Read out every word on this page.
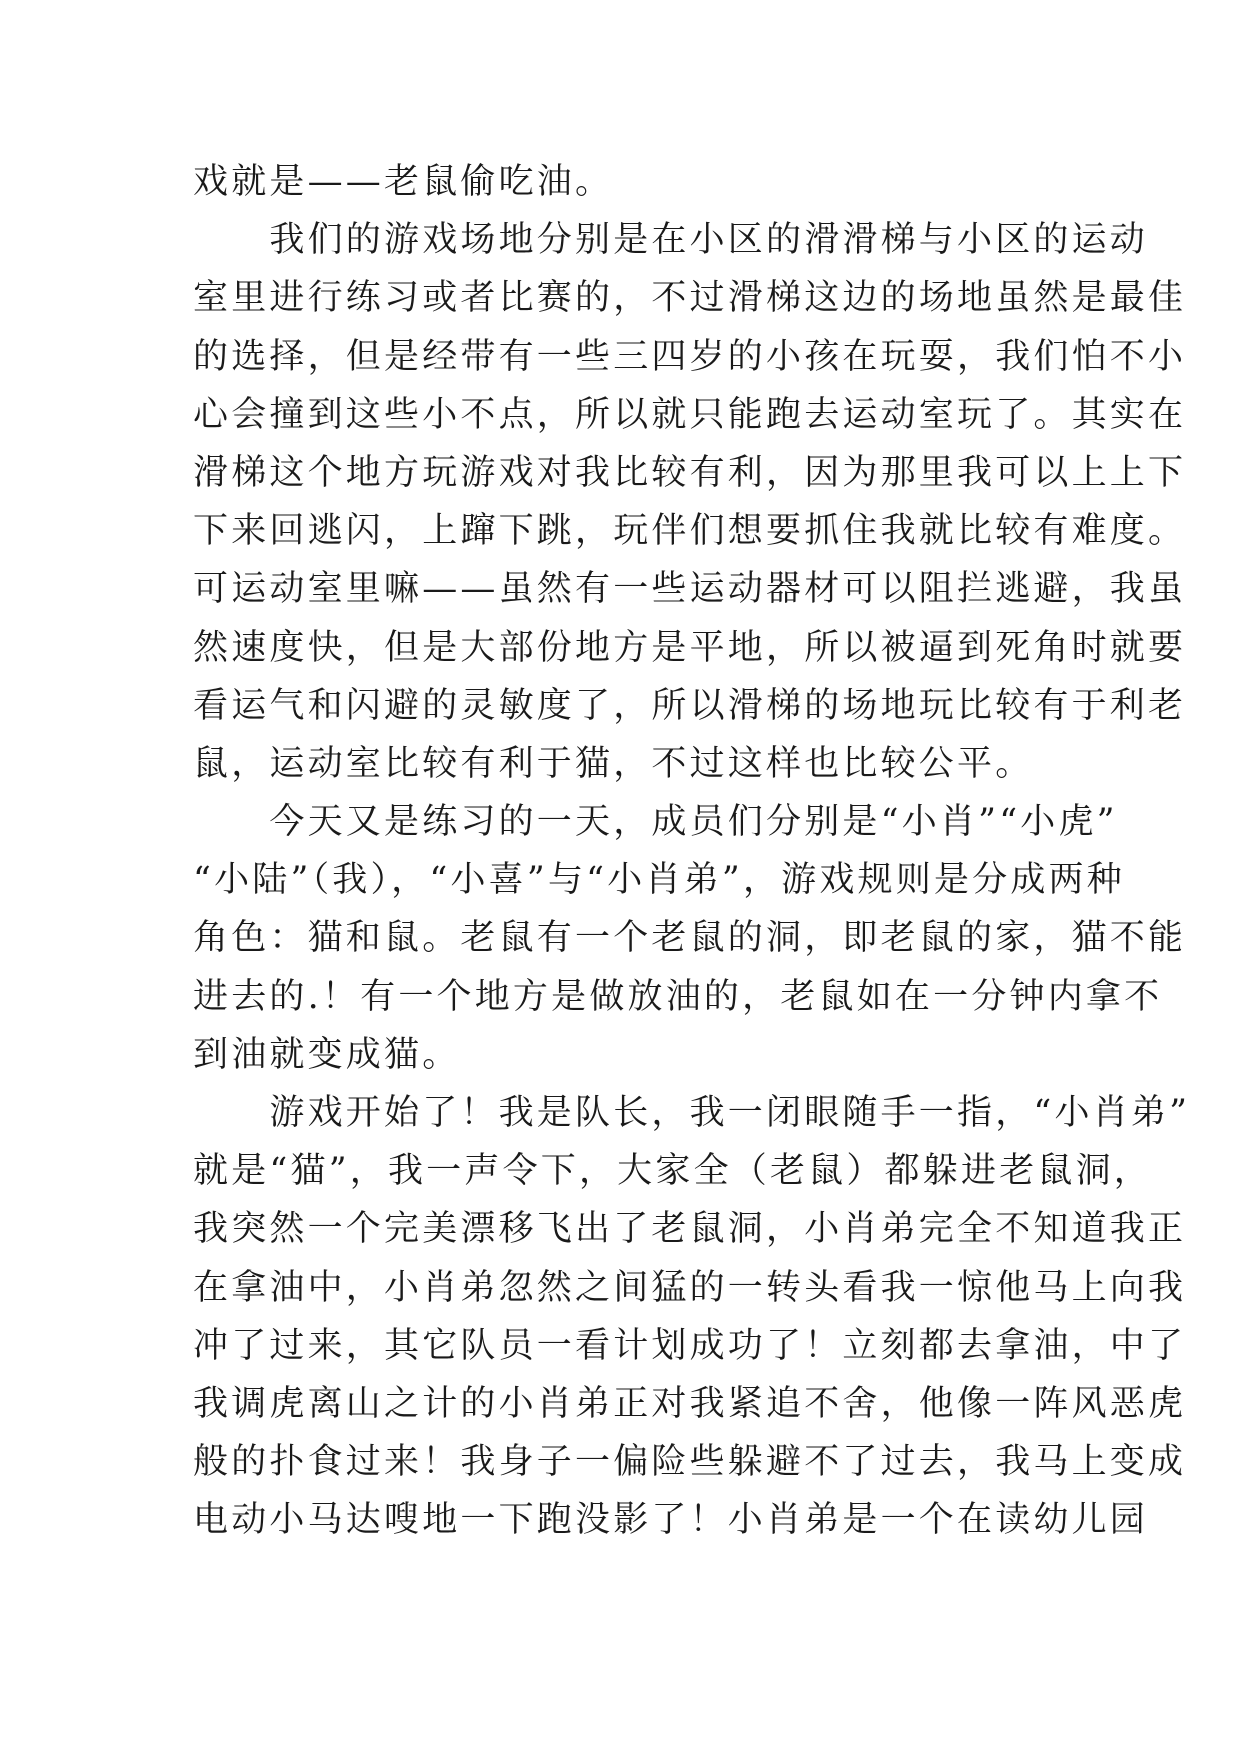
戏就是——老鼠偷吃油。
　　我们的游戏场地分别是在小区的滑滑梯与小区的运动
室里进行练习或者比赛的，不过滑梯这边的场地虽然是最佳
的选择，但是经带有一些三四岁的小孩在玩耍，我们怕不小
心会撞到这些小不点，所以就只能跑去运动室玩了。其实在
滑梯这个地方玩游戏对我比较有利，因为那里我可以上上下
下来回逃闪，上蹿下跳，玩伴们想要抓住我就比较有难度。
可运动室里嘛——虽然有一些运动器材可以阻拦逃避，我虽
然速度快，但是大部份地方是平地，所以被逼到死角时就要
看运气和闪避的灵敏度了，所以滑梯的场地玩比较有于利老
鼠，运动室比较有利于猫，不过这样也比较公平。
　　今天又是练习的一天，成员们分别是“小肖”“小虎”
“小陆”（我），“小喜”与“小肖弟”，游戏规则是分成两种
角色：猫和鼠。老鼠有一个老鼠的洞，即老鼠的家，猫不能
进去的.！有一个地方是做放油的，老鼠如在一分钟内拿不
到油就变成猫。
　　游戏开始了！我是队长，我一闭眼随手一指，“小肖弟”
就是“猫”，我一声令下，大家全（老鼠）都躲进老鼠洞，
我突然一个完美漂移飞出了老鼠洞，小肖弟完全不知道我正
在拿油中，小肖弟忽然之间猛的一转头看我一惊他马上向我
冲了过来，其它队员一看计划成功了！立刻都去拿油，中了
我调虎离山之计的小肖弟正对我紧追不舍，他像一阵风恶虎
般的扑食过来！我身子一偏险些躲避不了过去，我马上变成
电动小马达嗖地一下跑没影了！小肖弟是一个在读幼儿园
